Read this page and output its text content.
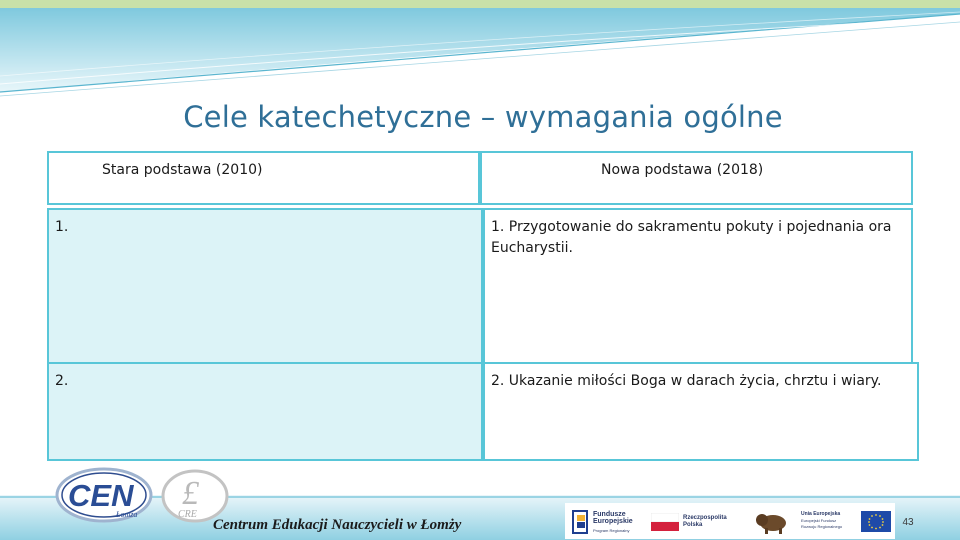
Cele katechetyczne – wymagania ogólne
Stara podstawa (2010)	Nowa podstawa (2018)
1.	1. Przygotowanie do sakramentu pokuty i pojednania ora Eucharystii.
2.	2. Ukazanie miłości Boga w darach życia, chrztu i wiary.
CEN
Łomża
£
CRE
Centrum Edukacji Nauczycieli w Łomży
Fundusze
Europejskie
Program Regionalny
Rzeczpospolita
Polska
Unia Europejska
Europejski Fundusz
Rozwoju Regionalnego	43
